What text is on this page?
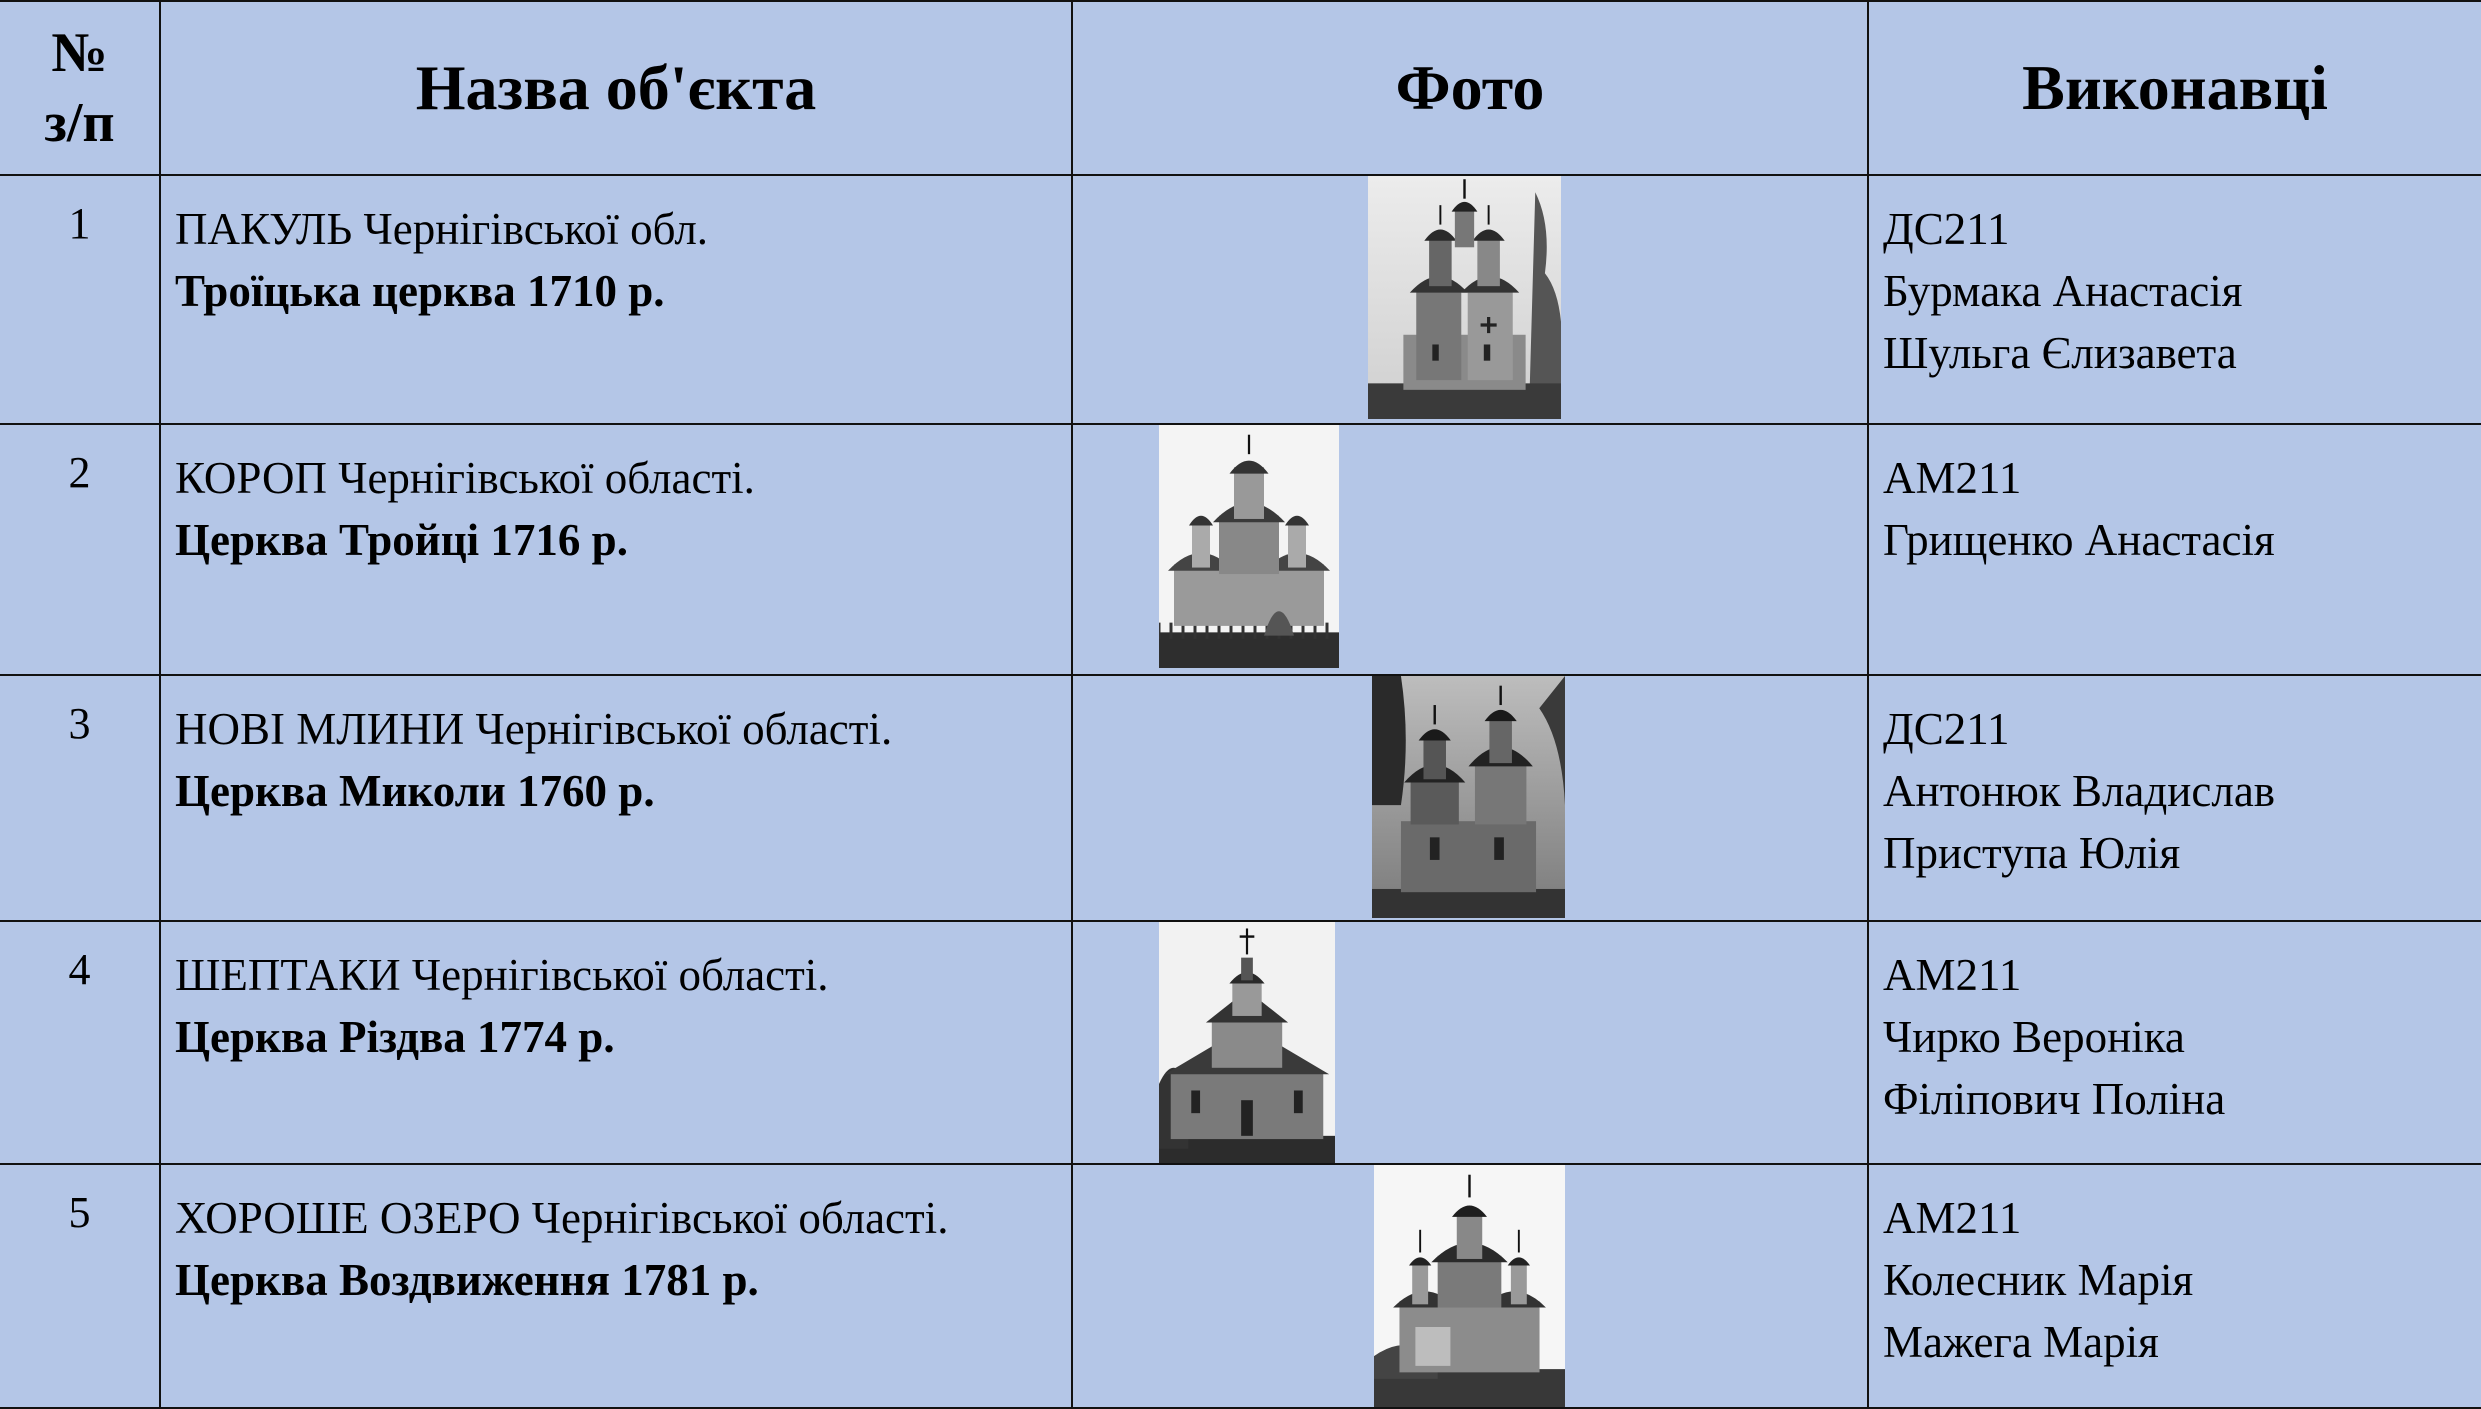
№
з/п	Назва об'єкта	Фото	Виконавці
1	ПАКУЛЬ Чернігівської обл.
Троїцька церква 1710 р.		ДС211
Бурмака Анастасія
Шульга Єлизавета

2	КОРОП Чернігівської області.
Церква Тройці 1716 р.		АМ211
Грищенко Анастасія

3	НОВІ МЛИНИ Чернігівської області.
Церква Миколи 1760 р.		ДС211
Антонюк Владислав
Приступа Юлія

4	ШЕПТАКИ Чернігівської області.
Церква Різдва 1774 р.		АМ211
Чирко Вероніка
Філіпович Поліна

5	ХОРОШЕ ОЗЕРО Чернігівської області.
Церква Воздвиження 1781 р.		АМ211
Колесник Марія
Мажега Марія
